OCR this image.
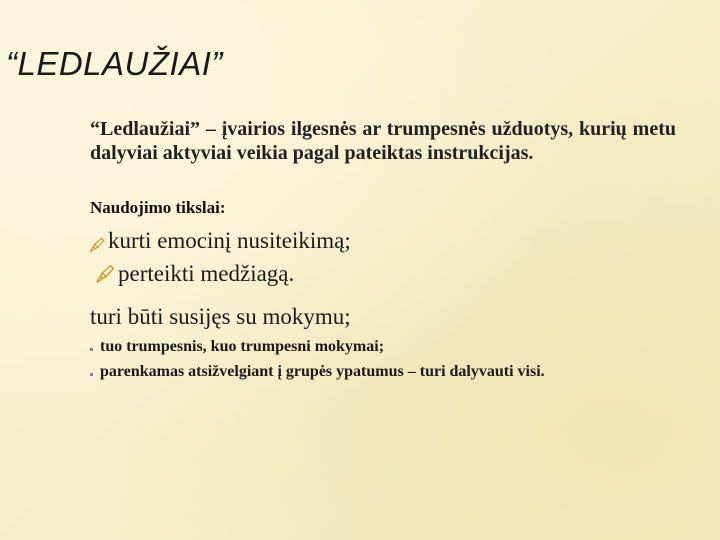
“LEDLAUŽIAI”

“Ledlaužiai” – įvairios ilgesnės ar trumpesnės užduotys, kurių metu dalyviai aktyviai veikia pagal pateiktas instrukcijas.

Naudojimo tikslai:
kurti emocinį nusiteikimą;
perteikti medžiagą.
turi būti susijęs su mokymu;
tuo trumpesnis, kuo trumpesni mokymai;
parenkamas atsižvelgiant į grupės ypatumus – turi dalyvauti visi.
